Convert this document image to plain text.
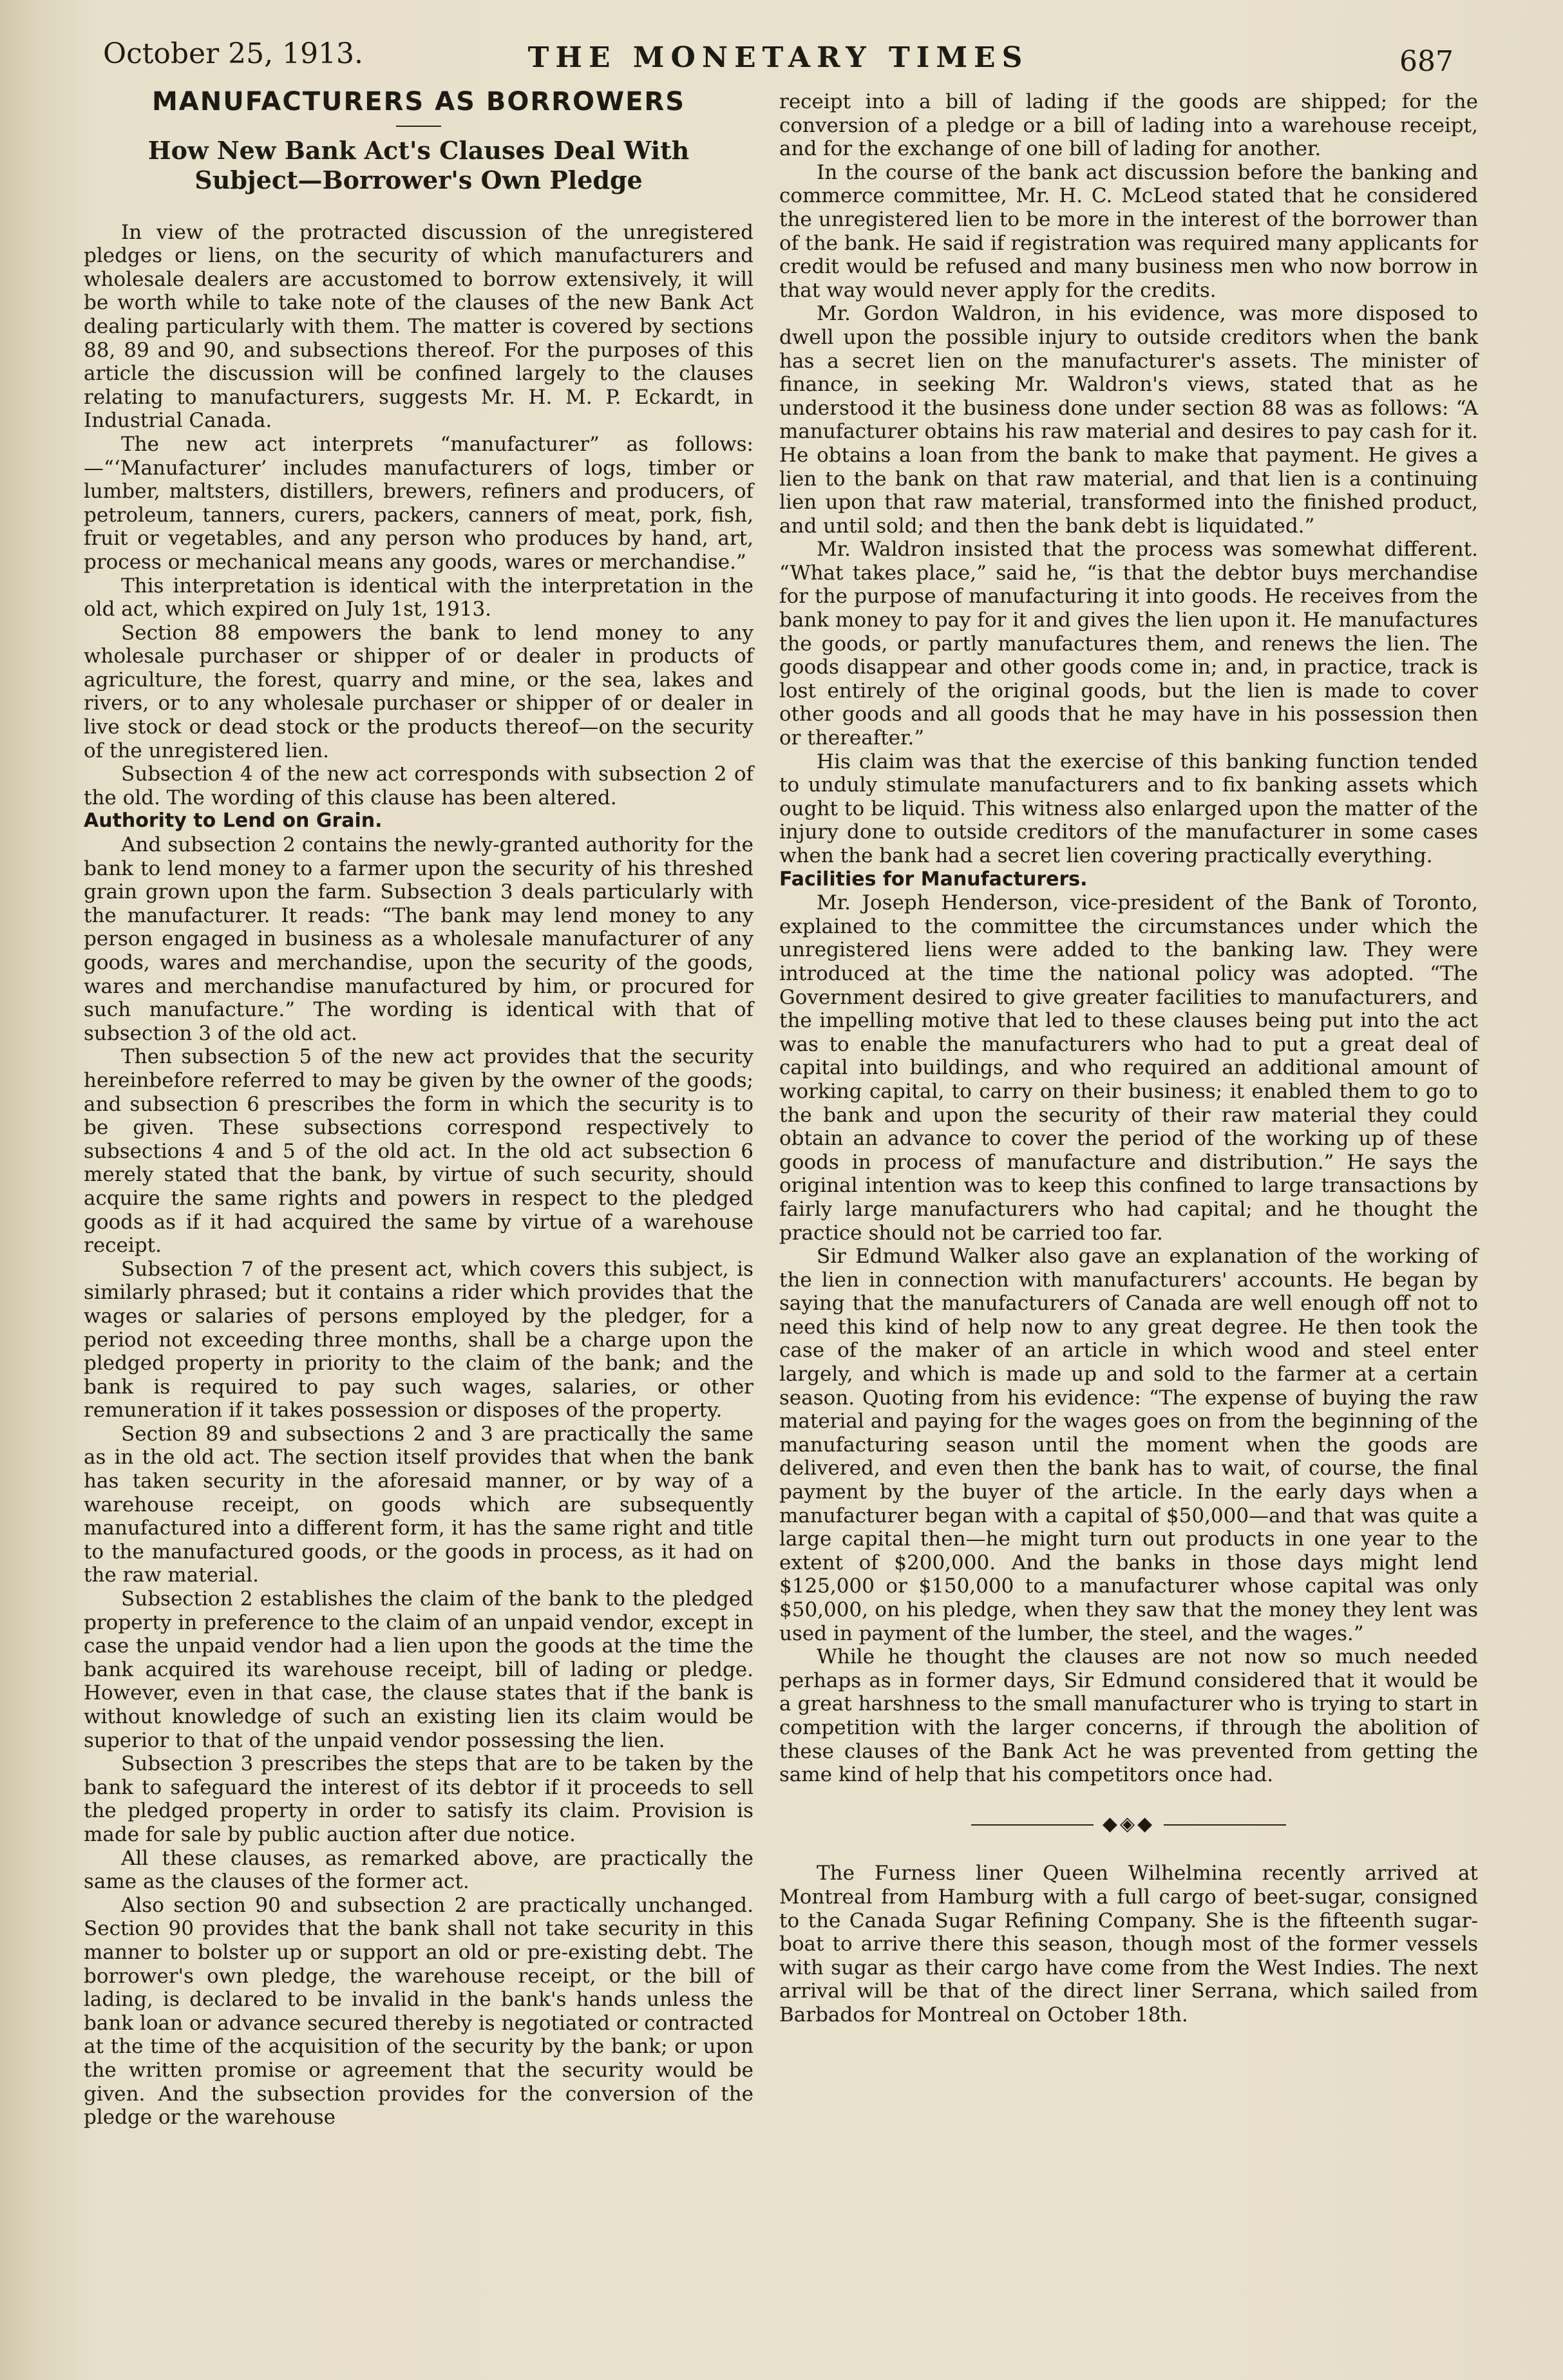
October 25, 1913.	THE MONETARY TIMES	687
MANUFACTURERS AS BORROWERS
How New Bank Act's Clauses Deal With Subject—Borrower's Own Pledge

In view of the protracted discussion of the unregistered pledges or liens, on the security of which manufacturers and wholesale dealers are accustomed to borrow extensively, it will be worth while to take note of the clauses of the new Bank Act dealing particularly with them. The matter is covered by sections 88, 89 and 90, and subsections thereof. For the purposes of this article the discussion will be confined largely to the clauses relating to manufacturers, suggests Mr. H. M. P. Eckardt, in Industrial Canada.

The new act interprets “manufacturer” as follows:—“‘Manufacturer’ includes manufacturers of logs, timber or lumber, maltsters, distillers, brewers, refiners and producers, of petroleum, tanners, curers, packers, canners of meat, pork, fish, fruit or vegetables, and any person who produces by hand, art, process or mechanical means any goods, wares or merchandise.”

This interpretation is identical with the interpretation in the old act, which expired on July 1st, 1913.

Section 88 empowers the bank to lend money to any wholesale purchaser or shipper of or dealer in products of agriculture, the forest, quarry and mine, or the sea, lakes and rivers, or to any wholesale purchaser or shipper of or dealer in live stock or dead stock or the products thereof—on the security of the unregistered lien.

Subsection 4 of the new act corresponds with subsection 2 of the old. The wording of this clause has been altered.

Authority to Lend on Grain.

And subsection 2 contains the newly-granted authority for the bank to lend money to a farmer upon the security of his threshed grain grown upon the farm. Subsection 3 deals particularly with the manufacturer. It reads: “The bank may lend money to any person engaged in business as a wholesale manufacturer of any goods, wares and merchandise, upon the security of the goods, wares and merchandise manufactured by him, or procured for such manufacture.” The wording is identical with that of subsection 3 of the old act.

Then subsection 5 of the new act provides that the security hereinbefore referred to may be given by the owner of the goods; and subsection 6 prescribes the form in which the security is to be given. These subsections correspond respectively to subsections 4 and 5 of the old act. In the old act subsection 6 merely stated that the bank, by virtue of such security, should acquire the same rights and powers in respect to the pledged goods as if it had acquired the same by virtue of a warehouse receipt.

Subsection 7 of the present act, which covers this subject, is similarly phrased; but it contains a rider which provides that the wages or salaries of persons employed by the pledger, for a period not exceeding three months, shall be a charge upon the pledged property in priority to the claim of the bank; and the bank is required to pay such wages, salaries, or other remuneration if it takes possession or disposes of the property.

Section 89 and subsections 2 and 3 are practically the same as in the old act. The section itself provides that when the bank has taken security in the aforesaid manner, or by way of a warehouse receipt, on goods which are subsequently manufactured into a different form, it has the same right and title to the manufactured goods, or the goods in process, as it had on the raw material.

Subsection 2 establishes the claim of the bank to the pledged property in preference to the claim of an unpaid vendor, except in case the unpaid vendor had a lien upon the goods at the time the bank acquired its warehouse receipt, bill of lading or pledge. However, even in that case, the clause states that if the bank is without knowledge of such an existing lien its claim would be superior to that of the unpaid vendor possessing the lien.

Subsection 3 prescribes the steps that are to be taken by the bank to safeguard the interest of its debtor if it proceeds to sell the pledged property in order to satisfy its claim. Provision is made for sale by public auction after due notice.

All these clauses, as remarked above, are practically the same as the clauses of the former act.

Also section 90 and subsection 2 are practically unchanged. Section 90 provides that the bank shall not take security in this manner to bolster up or support an old or pre-existing debt. The borrower's own pledge, the warehouse receipt, or the bill of lading, is declared to be invalid in the bank's hands unless the bank loan or advance secured thereby is negotiated or contracted at the time of the acquisition of the security by the bank; or upon the written promise or agreement that the security would be given. And the subsection provides for the conversion of the pledge or the warehouse

receipt into a bill of lading if the goods are shipped; for the conversion of a pledge or a bill of lading into a warehouse receipt, and for the exchange of one bill of lading for another.

In the course of the bank act discussion before the banking and commerce committee, Mr. H. C. McLeod stated that he considered the unregistered lien to be more in the interest of the borrower than of the bank. He said if registration was required many applicants for credit would be refused and many business men who now borrow in that way would never apply for the credits.

Mr. Gordon Waldron, in his evidence, was more disposed to dwell upon the possible injury to outside creditors when the bank has a secret lien on the manufacturer's assets. The minister of finance, in seeking Mr. Waldron's views, stated that as he understood it the business done under section 88 was as follows: “A manufacturer obtains his raw material and desires to pay cash for it. He obtains a loan from the bank to make that payment. He gives a lien to the bank on that raw material, and that lien is a continuing lien upon that raw material, transformed into the finished product, and until sold; and then the bank debt is liquidated.”

Mr. Waldron insisted that the process was somewhat different. “What takes place,” said he, “is that the debtor buys merchandise for the purpose of manufacturing it into goods. He receives from the bank money to pay for it and gives the lien upon it. He manufactures the goods, or partly manufactures them, and renews the lien. The goods disappear and other goods come in; and, in practice, track is lost entirely of the original goods, but the lien is made to cover other goods and all goods that he may have in his possession then or thereafter.”

His claim was that the exercise of this banking function tended to unduly stimulate manufacturers and to fix banking assets which ought to be liquid. This witness also enlarged upon the matter of the injury done to outside creditors of the manufacturer in some cases when the bank had a secret lien covering practically everything.

Facilities for Manufacturers.

Mr. Joseph Henderson, vice-president of the Bank of Toronto, explained to the committee the circumstances under which the unregistered liens were added to the banking law. They were introduced at the time the national policy was adopted. “The Government desired to give greater facilities to manufacturers, and the impelling motive that led to these clauses being put into the act was to enable the manufacturers who had to put a great deal of capital into buildings, and who required an additional amount of working capital, to carry on their business; it enabled them to go to the bank and upon the security of their raw material they could obtain an advance to cover the period of the working up of these goods in process of manufacture and distribution.” He says the original intention was to keep this confined to large transactions by fairly large manufacturers who had capital; and he thought the practice should not be carried too far.

Sir Edmund Walker also gave an explanation of the working of the lien in connection with manufacturers' accounts. He began by saying that the manufacturers of Canada are well enough off not to need this kind of help now to any great degree. He then took the case of the maker of an article in which wood and steel enter largely, and which is made up and sold to the farmer at a certain season. Quoting from his evidence: “The expense of buying the raw material and paying for the wages goes on from the beginning of the manufacturing season until the moment when the goods are delivered, and even then the bank has to wait, of course, the final payment by the buyer of the article. In the early days when a manufacturer began with a capital of $50,000—and that was quite a large capital then—he might turn out products in one year to the extent of $200,000. And the banks in those days might lend $125,000 or $150,000 to a manufacturer whose capital was only $50,000, on his pledge, when they saw that the money they lent was used in payment of the lumber, the steel, and the wages.”

While he thought the clauses are not now so much needed perhaps as in former days, Sir Edmund considered that it would be a great harshness to the small manufacturer who is trying to start in competition with the larger concerns, if through the abolition of these clauses of the Bank Act he was prevented from getting the same kind of help that his competitors once had.

◆◈◆

The Furness liner Queen Wilhelmina recently arrived at Montreal from Hamburg with a full cargo of beet-sugar, consigned to the Canada Sugar Refining Company. She is the fifteenth sugar-boat to arrive there this season, though most of the former vessels with sugar as their cargo have come from the West Indies. The next arrival will be that of the direct liner Serrana, which sailed from Barbados for Montreal on October 18th.
